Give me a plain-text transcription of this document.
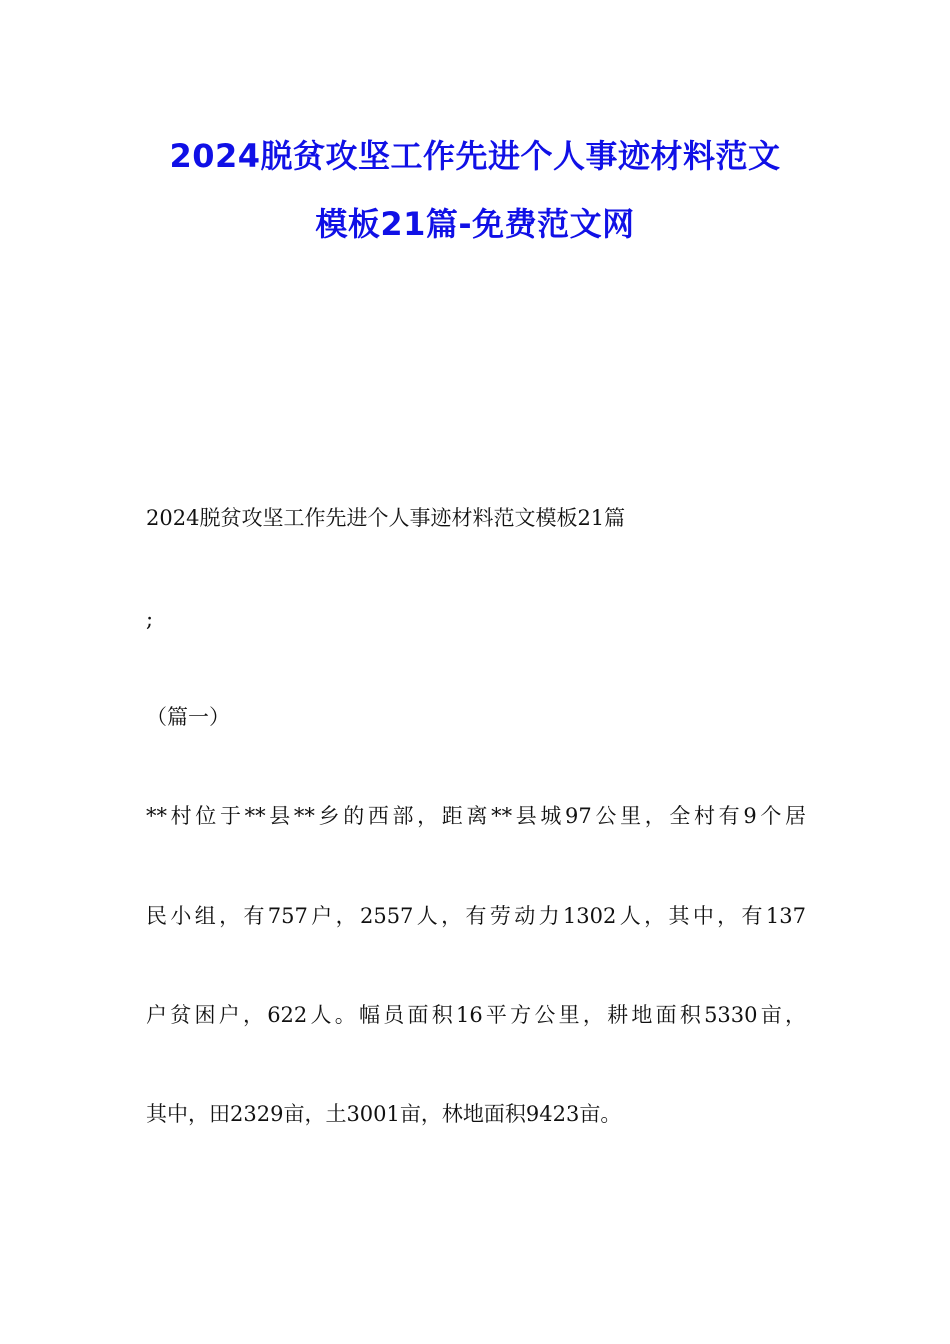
2024脱贫攻坚工作先进个人事迹材料范文
模板21篇-免费范文网
2024脱贫攻坚工作先进个人事迹材料范文模板21篇
;
（篇一）
**村位于**县**乡的西部，距离**县城97公里，全村有9个居
民小组，有757户，2557人，有劳动力1302人，其中，有137
户贫困户，622人。幅员面积16平方公里，耕地面积5330亩，
其中，田2329亩，土3001亩，林地面积9423亩。
